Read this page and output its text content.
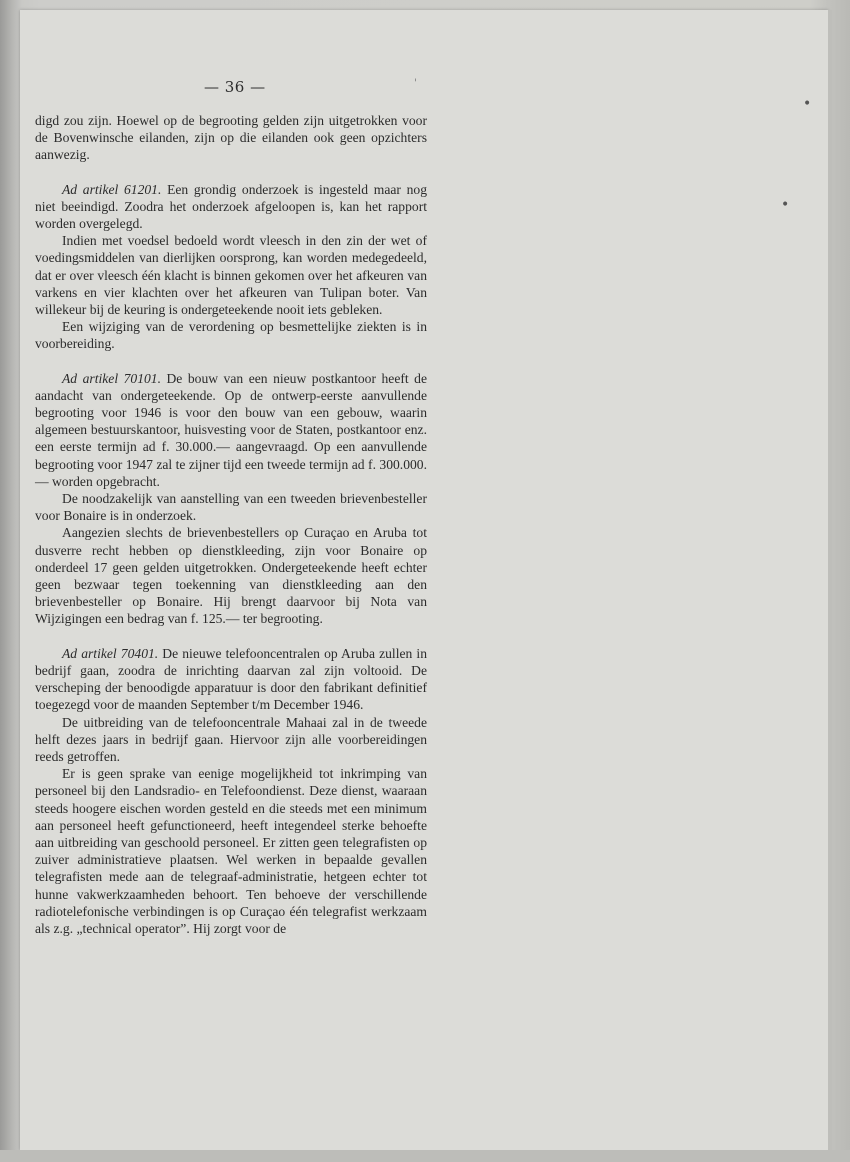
•
•
'
— 36 —

digd zou zijn. Hoewel op de begrooting gelden zijn uitgetrokken voor de Bovenwinsche eilanden, zijn op die eilanden ook geen opzichters aanwezig.

Ad artikel 61201. Een grondig onderzoek is ingesteld maar nog niet beeindigd. Zoodra het onderzoek afgeloopen is, kan het rapport worden overgelegd.

Indien met voedsel bedoeld wordt vleesch in den zin der wet of voedingsmiddelen van dierlijken oorsprong, kan worden medegedeeld, dat er over vleesch één klacht is binnen gekomen over het afkeuren van varkens en vier klachten over het afkeuren van Tulipan boter. Van willekeur bij de keuring is ondergeteekende nooit iets gebleken.

Een wijziging van de verordening op besmettelijke ziekten is in voorbereiding.

Ad artikel 70101. De bouw van een nieuw postkantoor heeft de aandacht van ondergeteekende. Op de ontwerp-eerste aanvullende begrooting voor 1946 is voor den bouw van een gebouw, waarin algemeen bestuurskantoor, huisvesting voor de Staten, postkantoor enz. een eerste termijn ad f. 30.000.— aangevraagd. Op een aanvullende begrooting voor 1947 zal te zijner tijd een tweede termijn ad f. 300.000.— worden opgebracht.

De noodzakelijk van aanstelling van een tweeden brievenbesteller voor Bonaire is in onderzoek.

Aangezien slechts de brievenbestellers op Curaçao en Aruba tot dusverre recht hebben op dienstkleeding, zijn voor Bonaire op onderdeel 17 geen gelden uitgetrokken. Ondergeteekende heeft echter geen bezwaar tegen toekenning van dienstkleeding aan den brievenbesteller op Bonaire. Hij brengt daarvoor bij Nota van Wijzigingen een bedrag van f. 125.— ter begrooting.

Ad artikel 70401. De nieuwe telefooncentralen op Aruba zullen in bedrijf gaan, zoodra de inrichting daarvan zal zijn voltooid. De verscheping der benoodigde apparatuur is door den fabrikant definitief toegezegd voor de maanden September t/m December 1946.

De uitbreiding van de telefooncentrale Mahaai zal in de tweede helft dezes jaars in bedrijf gaan. Hiervoor zijn alle voorbereidingen reeds getroffen.

Er is geen sprake van eenige mogelijkheid tot inkrimping van personeel bij den Landsradio- en Telefoondienst. Deze dienst, waaraan steeds hoogere eischen worden gesteld en die steeds met een minimum aan personeel heeft gefunctioneerd, heeft integendeel sterke behoefte aan uitbreiding van geschoold personeel. Er zitten geen telegrafisten op zuiver administratieve plaatsen. Wel werken in bepaalde gevallen telegrafisten mede aan de telegraaf-administratie, hetgeen echter tot hunne vakwerkzaamheden behoort. Ten behoeve der verschillende radiotelefonische verbindingen is op Curaçao één telegrafist werkzaam als z.g. „technical operator”. Hij zorgt voor de
